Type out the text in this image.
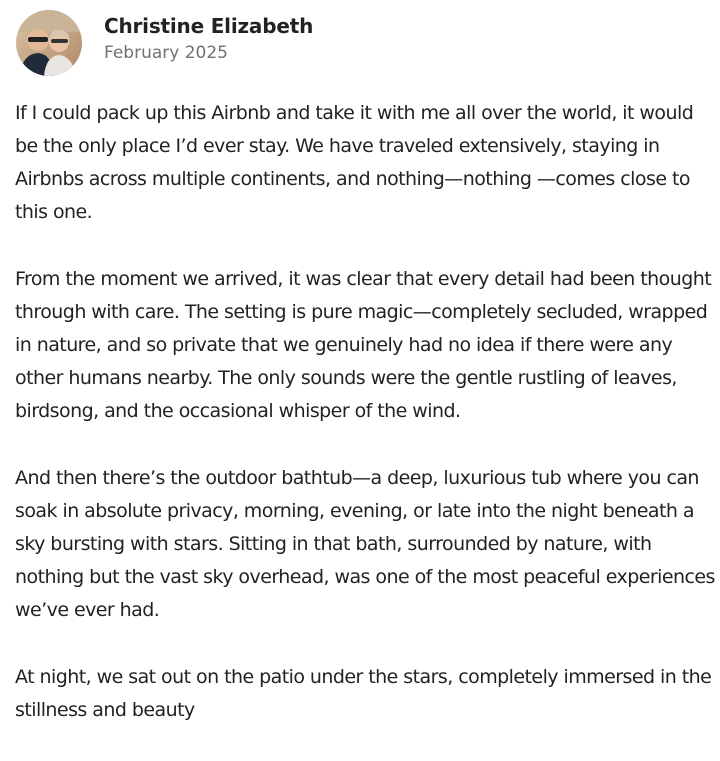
Christine Elizabeth
February 2025

If I could pack up this Airbnb and take it with me all over the world, it would be the only place I’d ever stay. We have traveled extensively, staying in Airbnbs across multiple continents, and nothing—nothing —comes close to this one.

From the moment we arrived, it was clear that every detail had been thought through with care. The setting is pure magic—completely secluded, wrapped in nature, and so private that we genuinely had no idea if there were any other humans nearby. The only sounds were the gentle rustling of leaves, birdsong, and the occasional whisper of the wind.

And then there’s the outdoor bathtub—a deep, luxurious tub where you can soak in absolute privacy, morning, evening, or late into the night beneath a sky bursting with stars. Sitting in that bath, surrounded by nature, with nothing but the vast sky overhead, was one of the most peaceful experiences we’ve ever had.

At night, we sat out on the patio under the stars, completely immersed in the stillness and beauty
